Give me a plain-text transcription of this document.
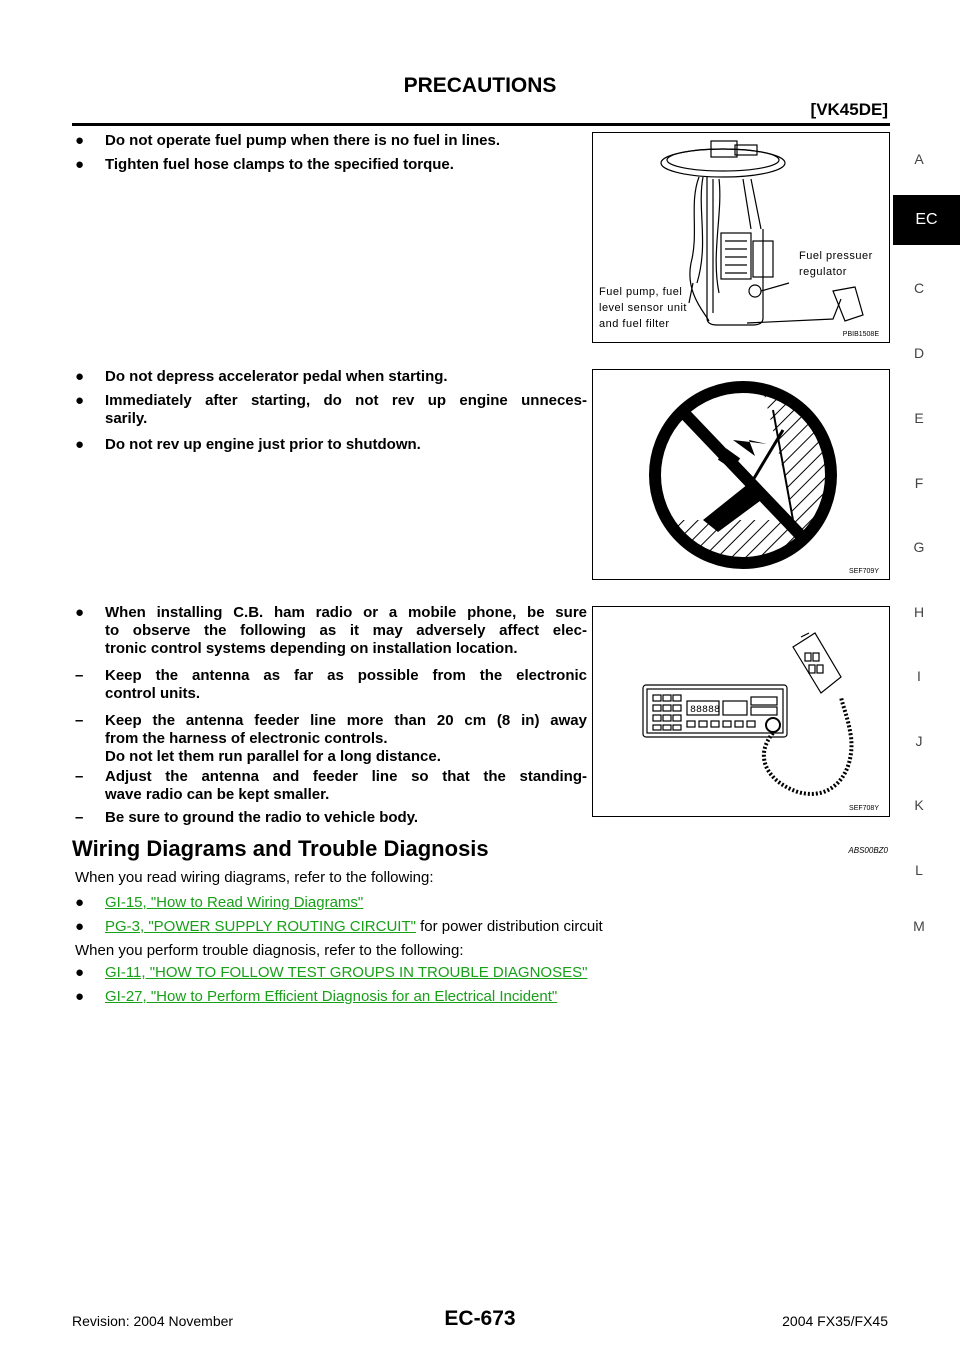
PRECAUTIONS
[VK45DE]
A
EC
C
D
E
F
G
H
I
J
K
L
M
● Do not operate fuel pump when there is no fuel in lines.
● Tighten fuel hose clamps to the specified torque.
Fuel pressuer
regulator
Fuel pump, fuel
level sensor unit
and fuel filter
PBIB1508E
● Do not depress accelerator pedal when starting.
● Immediately after starting, do not rev up engine unneces-
sarily.
● Do not rev up engine just prior to shutdown.
SEF709Y
● When installing C.B. ham radio or a mobile phone, be sure
to observe the following as it may adversely affect elec-
tronic control systems depending on installation location.
– Keep the antenna as far as possible from the electronic
control units.
– Keep the antenna feeder line more than 20 cm (8 in) away
from the harness of electronic controls.
Do not let them run parallel for a long distance.
– Adjust the antenna and feeder line so that the standing-
wave radio can be kept smaller.
– Be sure to ground the radio to vehicle body.
88888
SEF708Y
Wiring Diagrams and Trouble Diagnosis	ABS00BZ0
When you read wiring diagrams, refer to the following:
● GI-15, "How to Read Wiring Diagrams"
● PG-3, "POWER SUPPLY ROUTING CIRCUIT" for power distribution circuit
When you perform trouble diagnosis, refer to the following:
● GI-11, "HOW TO FOLLOW TEST GROUPS IN TROUBLE DIAGNOSES"
● GI-27, "How to Perform Efficient Diagnosis for an Electrical Incident"
Revision: 2004 November	EC-673	2004 FX35/FX45
